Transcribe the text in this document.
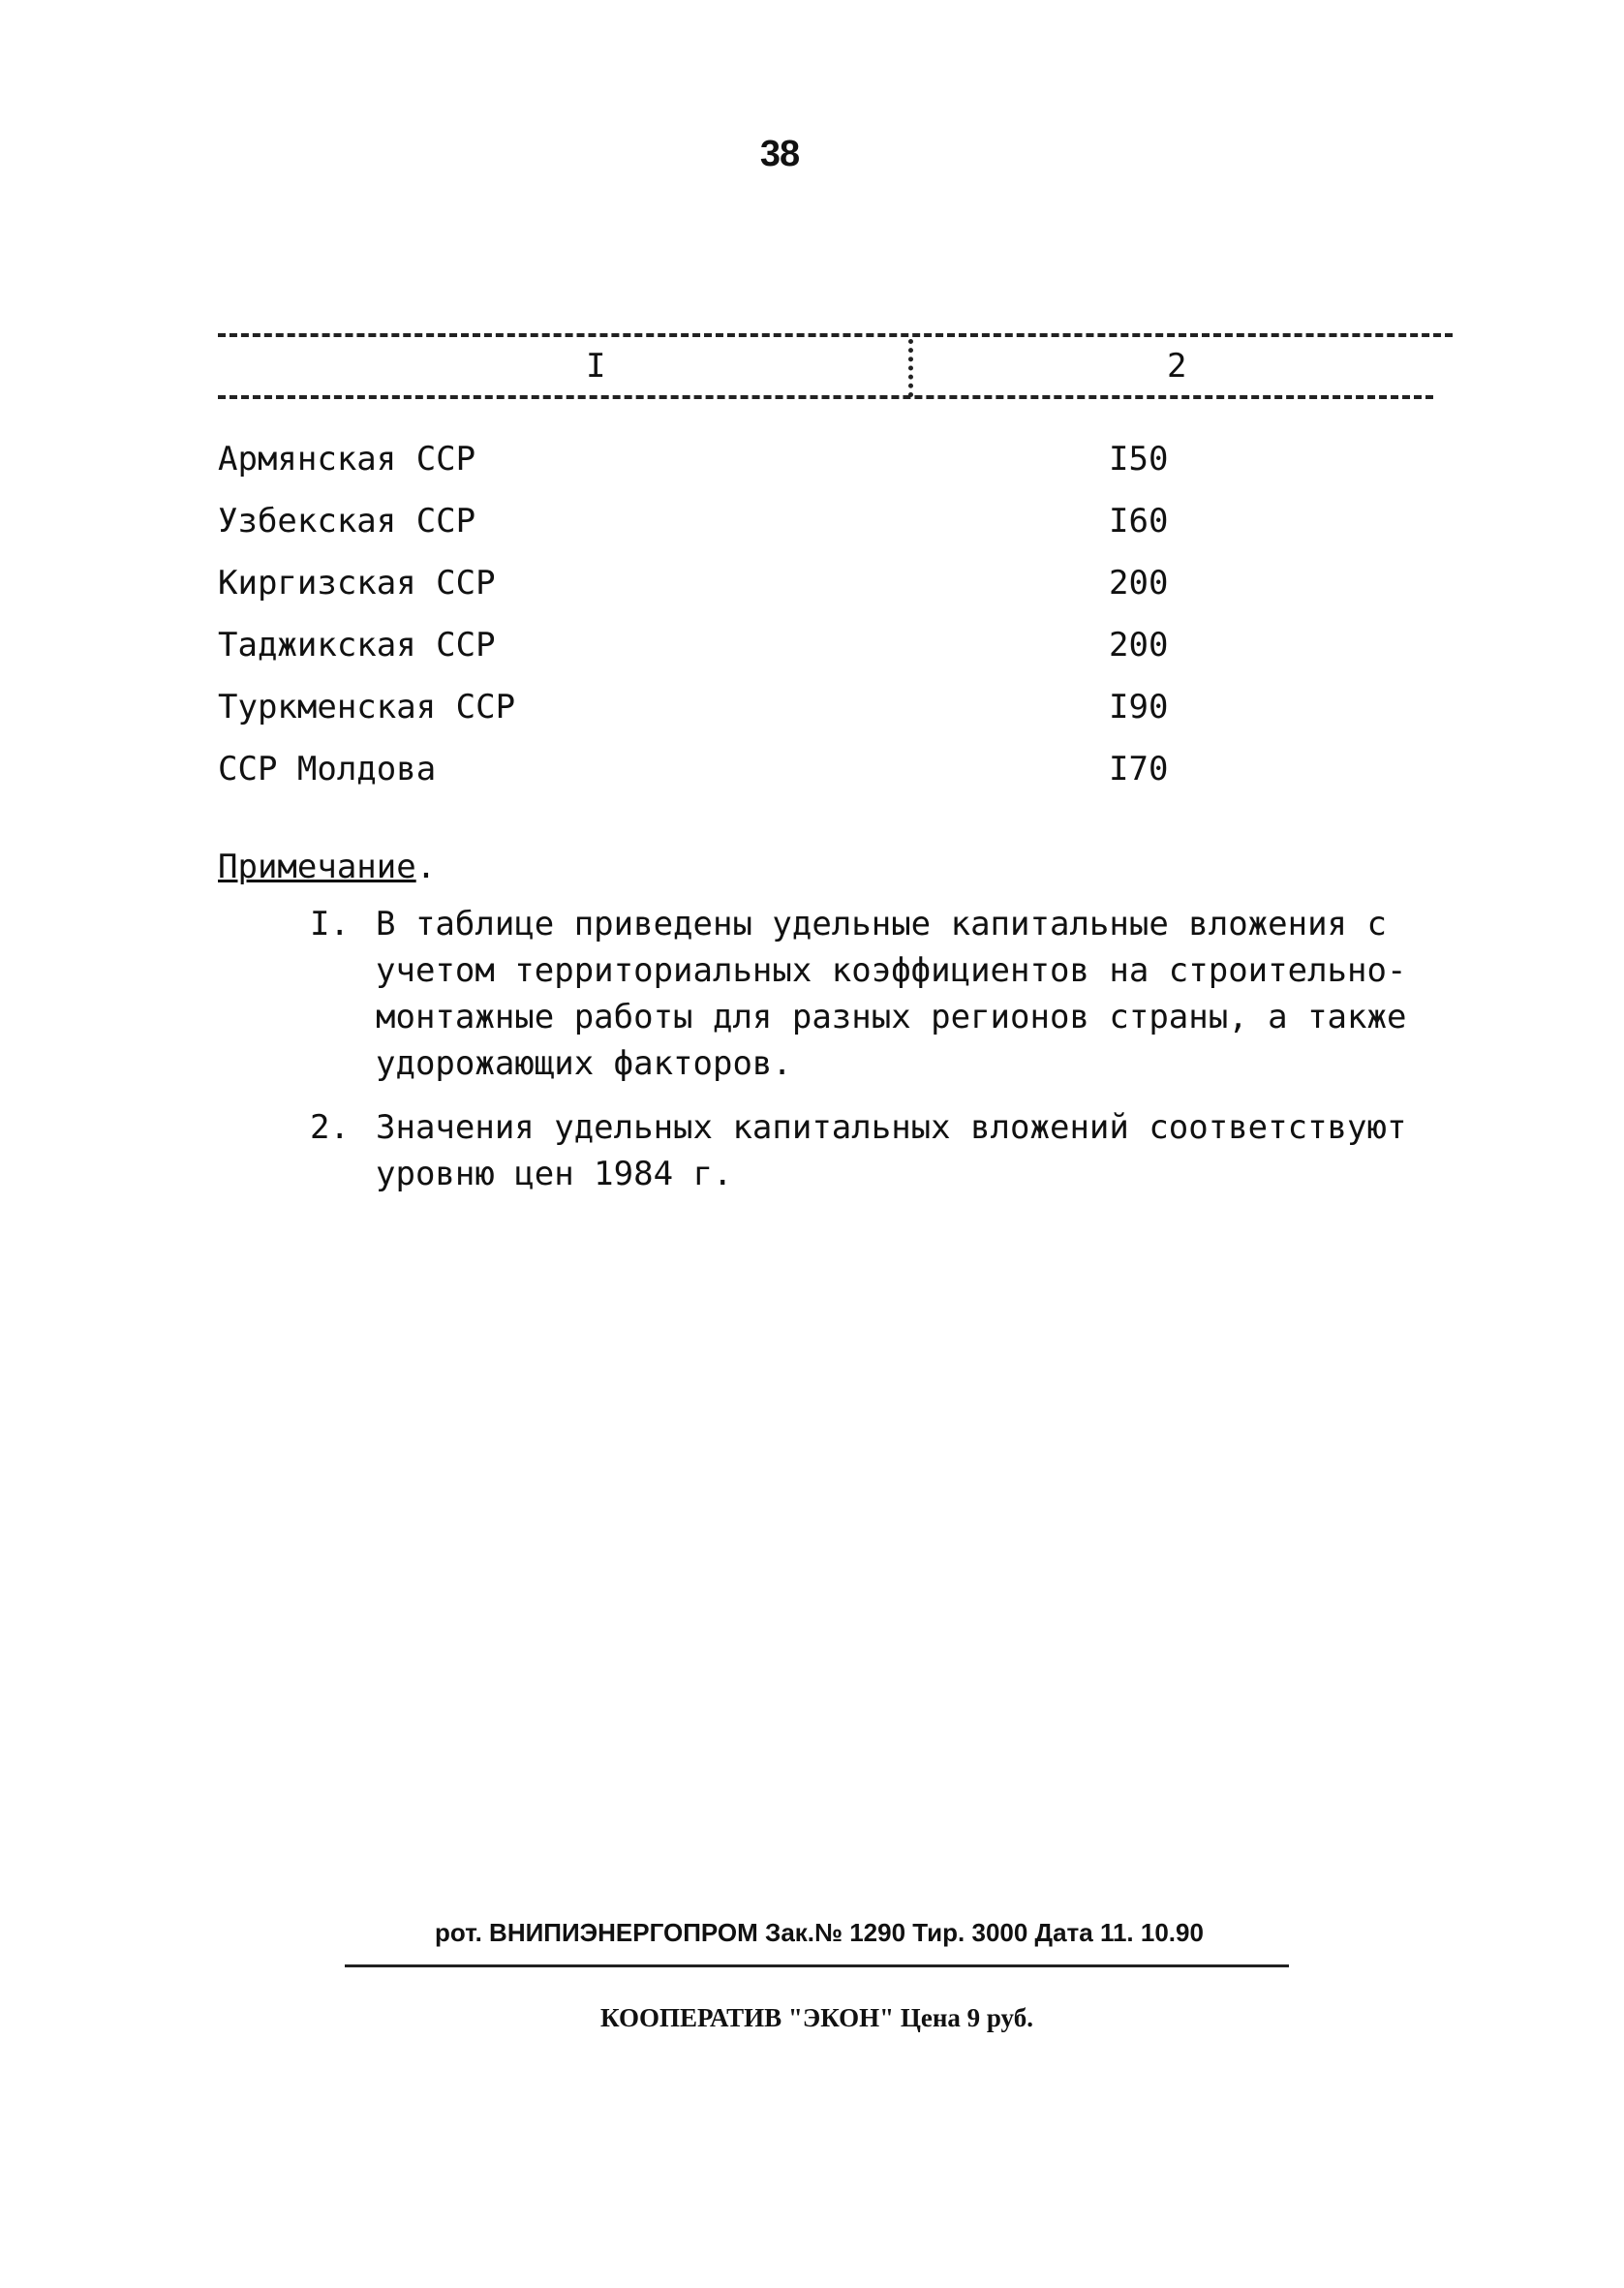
38
I	2
Армянская ССР	I50
Узбекская ССР	I60
Киргизская ССР	200
Таджикская ССР	200
Туркменская ССР	I90
ССР Молдова	I70
Примечание.
I. В таблице приведены удельные капитальные вложения с учетом территориальных коэффициентов на строительно-монтажные работы для разных регионов страны, а также удорожающих факторов.
2. Значения удельных капитальных вложений соответствуют уровню цен 1984 г.
рот. ВНИПИЭНЕРГОПРОМ Зак.№ 1290 Тир. 3000 Дата 11. 10.90
КООПЕРАТИВ "ЭКОН" Цена 9 руб.
